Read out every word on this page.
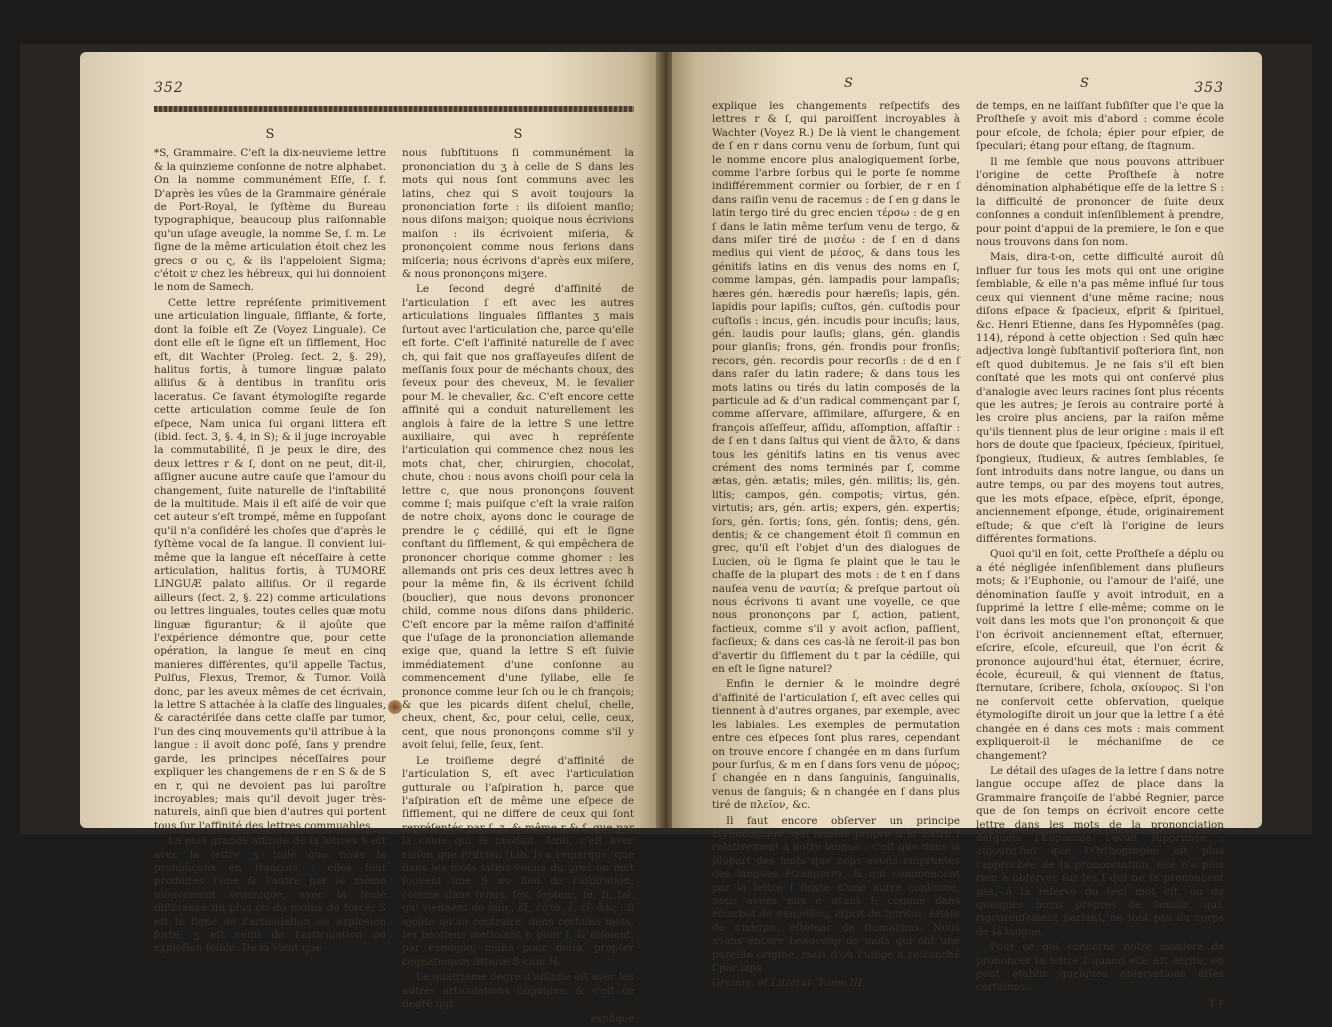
352
S

*S, Grammaire. C'eſt la dix-neuvieme lettre & la quinzieme conſonne de notre alphabet. On la nomme communément Eſſe, ſ. f. D'après les vûes de la Grammaire générale de Port-Royal, le ſyſtème du Bureau typographique, beaucoup plus raiſonnable qu'un uſage aveugle, la nomme Se, ſ. m. Le ſigne de la même articulation étoit chez les grecs σ ou ς, & ils l'appeloient Sigma; c'étoit ש chez les hébreux, qui lui donnoient le nom de Samech.

Cette lettre repréſente primitivement une articulation linguale, ſifflante, & forte, dont la foible eſt Ze (Voyez Linguale). Ce dont elle eſt le ſigne eſt un ſifflement, Hoc eſt, dit Wachter (Proleg. ſect. 2, §. 29), halitus fortis, à tumore linguæ palato alliſus & à dentibus in tranſitu oris laceratus. Ce ſavant étymologiſte regarde cette articulation comme ſeule de ſon eſpece, Nam unica ſui organi littera eſt (ibid. ſect. 3, §. 4, in S); & il juge incroyable la commutabilité, ſi je peux le dire, des deux lettres r & ſ, dont on ne peut, dit-il, aſſigner aucune autre cauſe que l'amour du changement, ſuite naturelle de l'inſtabilité de la multitude. Mais il eſt aiſé de voir que cet auteur s'eſt trompé, même en ſuppoſant qu'il n'a conſidéré les choſes que d'après le ſyſtème vocal de ſa langue. Il convient lui-même que la langue eſt néceſſaire à cette articulation, halitus fortis, à TUMORE LINGUÆ palato alliſus. Or il regarde ailleurs (ſect. 2, §. 22) comme articulations ou lettres linguales, toutes celles quæ motu linguæ figurantur; & il ajoûte que l'expérience démontre que, pour cette opération, la langue ſe meut en cinq manieres différentes, qu'il appelle Tactus, Pulſus, Flexus, Tremor, & Tumor. Voilà donc, par les aveux mêmes de cet écrivain, la lettre S attachée à la claſſe des linguales, & caractériſée dans cette claſſe par tumor, l'un des cinq mouvements qu'il attribue à la langue : il avoit donc poſé, ſans y prendre garde, les principes néceſſaires pour expliquer les changemens de r en S & de S en r, qui ne devoient pas lui paroître incroyables; mais qu'il devoit juger très-naturels, ainſi que bien d'autres qui portent tous ſur l'affinité des lettres commuables.

La plus grande affinité de la lettres S eſt avec la lettre ʒ, telle que nous la prononçons en françois : elles ſont produites l'une & l'autre par le même mouvement organique, avec la ſeule différence du plus ou du moins de force; S eſt le ſigne de l'articulation ou explosion forte; ʒ eſt celui de l'articulation ou exploſion foible. De là vient que

S

nous ſubſtituons ſi communément la prononciation du ʒ à celle de S dans les mots qui nous ſont communs avec les latins, chez qui S avoit toujours la prononciation forte : ils diſoient manſio; nous diſons maiʒon; quoique nous écrivions maiſon : ils écrivoient miſeria, & prononçoient comme nous ferions dans miſceria; nous écrivons d'après eux miſere, & nous prononçons miʒere.

Le ſecond degré d'affinité de l'articulation ſ eſt avec les autres articulations linguales ſifflantes ʒ mais ſurtout avec l'articulation che, parce qu'elle eſt forte. C'eſt l'affinité naturelle de ſ avec ch, qui fait que nos graſſayeuſes diſent de meſſanis ſoux pour de méchants choux, des ſeveux pour des cheveux, M. le ſevalier pour M. le chevalier, &c. C'eſt encore cette affinité qui a conduit naturellement les anglois à faire de la lettre S une lettre auxiliaire, qui avec h repréſente l'articulation qui commence chez nous les mots chat, cher, chirurgien, chocolat, chute, chou : nous avons choiſi pour cela la lettre c, que nous prononçons ſouvent comme ſ; mais puiſque c'eſt la vraie raiſon de notre choix, ayons donc le courage de prendre le ç cédillé, qui eſt le ſigne conſtant du ſifflement, & qui empêchera de prononcer chorique comme ghomer : les allemands ont pris ces deux lettres avec h pour la même fin, & ils écrivent ſchild (bouclier), que nous devons prononcer child, comme nous diſons dans philderic. C'eſt encore par la même raiſon d'affinité que l'uſage de la prononciation allemande exige que, quand la lettre S eſt ſuivie immédiatement d'une conſonne au commencement d'une ſyllabe, elle ſe prononce comme leur ſch ou le ch françois; & que les picards diſent cheluî, chelle, cheux, chent, &c, pour celui, celle, ceux, cent, que nous prononçons comme s'il y avoit ſelui, ſelle, ſeux, ſent.

Le troiſieme degré d'affinité de l'articulation S, eſt avec l'articulation gutturale ou l'aſpiration h, parce que l'aſpiration eſt de même une eſpece de ſifflement, qui ne differe de ceux qui ſont repréſentés par ſ, ʒ, & même r & ſ, que par la cauſe qui le produit. Ainſi, c'eſt avec raiſon que Priſcien (Lib. I) a remarqué, que dans les mots latins venus du grec on met ſouvent une S au lieu de l'aſpiration; comme dans ſemis, ſex, ſeptem, ſe, ſi, ſal, qui viennent de ἡμὶς, ἕξ, ἑπτὰ, ἑ, εἰ, ἅλς : il ajoûte qu'au contraire, dans certains mots, les béotiens mettoient h pour ſ, & diſoient, par exemple, muha pour muſa, propter cognationem litteræ S cum H.

Le quatrieme degré d'affinité eſt avec les autres articulations linguales; & c'eſt ce degré qui

explique
S	S	353

explique les changements reſpectifs des lettres r & ſ, qui paroiſſent incroyables à Wachter (Voyez R.) De là vient le changement de ſ en r dans cornu venu de ſorbum, ſunt qui le nomme encore plus analogiquement ſorbe, comme l'arbre ſorbus qui le porte ſe nomme indifféremment cormier ou ſorbier, de r en ſ dans raiſin venu de racemus : de ſ en g dans le latin tergo tiré du grec encien τέρσω : de g en ſ dans le latin même terſum venu de tergo, & dans miſer tiré de μισέω : de ſ en d dans medius qui vient de μέσος, & dans tous les génitifs latins en dis venus des noms en ſ, comme lampas, gén. lampadis pour lampaſis; hæres gén. hæredis pour hæreſis; lapis, gén. lapidis pour lapiſis; cuſtos, gén. cuſtodis pour cuſtoſis : incus, gén. incudis pour incuſis; laus, gén. laudis pour lauſis; glans, gén. glandis pour glanſis; frons, gén. frondis pour fronſis; recors, gén. recordis pour recorſis : de d en ſ dans raſer du latin radere; & dans tous les mots latins ou tirés du latin composés de la particule ad & d'un radical commençant par ſ, comme aſſervare, aſſimilare, aſſurgere, & en françois aſſeſſeur, aſſidu, aſſomption, aſſaſtir : de ſ en t dans ſaltus qui vient de ἅλτο, & dans tous les génitifs latins en tis venus avec crément des noms terminés par ſ, comme ætas, gén. ætatis; miles, gén. militis; lis, gén. litis; campos, gén. compotis; virtus, gén. virtutis; ars, gén. artis; expers, gén. expertis; ſors, gén. ſortis; ſons, gén. ſontis; dens, gén. dentis; & ce changement étoit ſi commun en grec, qu'il eſt l'objet d'un des dialogues de Lucien, où le ſigma ſe plaint que le tau le chaſſe de la plupart des mots : de t en ſ dans nauſea venu de ναυτία; & preſque partout où nous écrivons ti avant une voyelle, ce que nous prononçons par ſ, action, patient, factieux, comme s'il y avoit acſion, paſſient, facſieux; & dans ces cas-là ne ſeroit-il pas bon d'avertir du ſifflement du t par la cédille, qui en eſt le ſigne naturel?

Enfin le dernier & le moindre degré d'affinité de l'articulation ſ, eſt avec celles qui tiennent à d'autres organes, par exemple, avec les labiales. Les exemples de permutation entre ces eſpeces ſont plus rares, cependant on trouve encore ſ changée en m dans ſurſum pour ſurſus, & m en ſ dans ſors venu de μόρος; ſ changée en n dans ſanguinis, ſanguinalis, venus de ſanguis; & n changée en ſ dans plus tiré de πλεῖον, &c.

Il faut encore obſerver un principe étymologique, qui ſemble propre à la lettre ſ relativement à notre langue : c'eſt que dans la plupart des mots que nous avons empruntés des langues étrangeres, & qui commencent par la lettre ſ ſuivie d'une autre conſonne, nous avons mis e avant ſ; comme dans eſcarbot de σκαράβος, eſprit de ſpiritus, eſtaſe de σπάσμα, eſtomac de ſtomachus. Nous avons encore beaucoup de mots qui ont une pareille origine, mais d'où l'uſage a retranché ſ par laps

Gramm. et Littérat. Tome III.

de temps, en ne laiſſant ſubſiſter que l'e que la Proſtheſe y avoit mis d'abord : comme école pour eſcole, de ſchola; épier pour eſpier, de ſpeculari; étang pour eſtang, de ſtagnum.

Il me ſemble que nous pouvons attribuer l'origine de cette Proſtheſe à notre dénomination alphabétique eſſe de la lettre S : la difficulté de prononcer de ſuite deux conſonnes a conduit inſenſiblement à prendre, pour point d'appui de la premiere, le ſon e que nous trouvons dans ſon nom.

Mais, dira-t-on, cette difficulté auroit dû influer ſur tous les mots qui ont une origine ſemblable, & elle n'a pas même influé ſur tous ceux qui viennent d'une même racine; nous diſons eſpace & ſpacieux, eſprit & ſpirituel, &c. Henri Etienne, dans ſes Hypomnêſes (pag. 114), répond à cette objection : Sed quîn hæc adjectiva longè ſubſtantiviſ poſteriora ſint, non eſt quod dubitemus. Je ne ſais s'il eſt bien conſtaté que les mots qui ont conſervé plus d'analogie avec leurs racines ſont plus récents que les autres; je ſerois au contraire porté à les croire plus anciens, par la raiſon même qu'ils tiennent plus de leur origine : mais il eſt hors de doute que ſpacieux, ſpécieux, ſpirituel, ſpongieux, ſtudieux, & autres ſemblables, ſe ſont introduits dans notre langue, ou dans un autre temps, ou par des moyens tout autres, que les mots eſpace, eſpèce, eſprit, éponge, anciennement eſponge, étude, originairement eſtude; & que c'eſt là l'origine de leurs différentes formations.

Quoi qu'il en ſoit, cette Proſtheſe a déplu ou a été négligée inſenſiblement dans pluſieurs mots; & l'Euphonie, ou l'amour de l'aiſé, une dénomination ſauſſe y avoit introduit, en a ſupprimé la lettre ſ elle-même; comme on le voit dans les mots que l'on prononçoit & que l'on écrivoit anciennement eſtat, eſternuer, eſcrire, eſcole, eſcureuil, que l'on écrit & prononce aujourd'hui état, éternuer, écrire, école, écureuil, & qui viennent de ſtatus, ſternutare, ſcribere, ſchola, σκίουρος. Si l'on ne conſervoit cette obſervation, quelque étymologiſte diroit un jour que la lettre ſ a été changée en é dans ces mots : mais comment expliqueroit-il le méchaniſme de ce changement?

Le détail des uſages de la lettre ſ dans notre langue occupe aſſez de place dans la Grammaire françoiſe de l'abbé Regnier, parce que de ſon temps on écrivoit encore cette lettre dans les mots de la prononciation deſquels l'Euphonie l'avoit ſupprimée : aujourd'hui que l'Orthographe eſt plus rapprochée de la prononciation, elle n'a plus rien à obſerver ſur les ſ qui ne ſe prononcent pas, à la réſerve du ſeul mot eſt, ou de quelques noms propres de famille, qui, rigoureuſement parlant, ne ſont pas du corps de la langue.

Pour ce qui concerne notre maniere de prononcer la lettre ſ quand elle eſt écrite, on peut établir quelques obſervations aſſez certaines.

Y y
